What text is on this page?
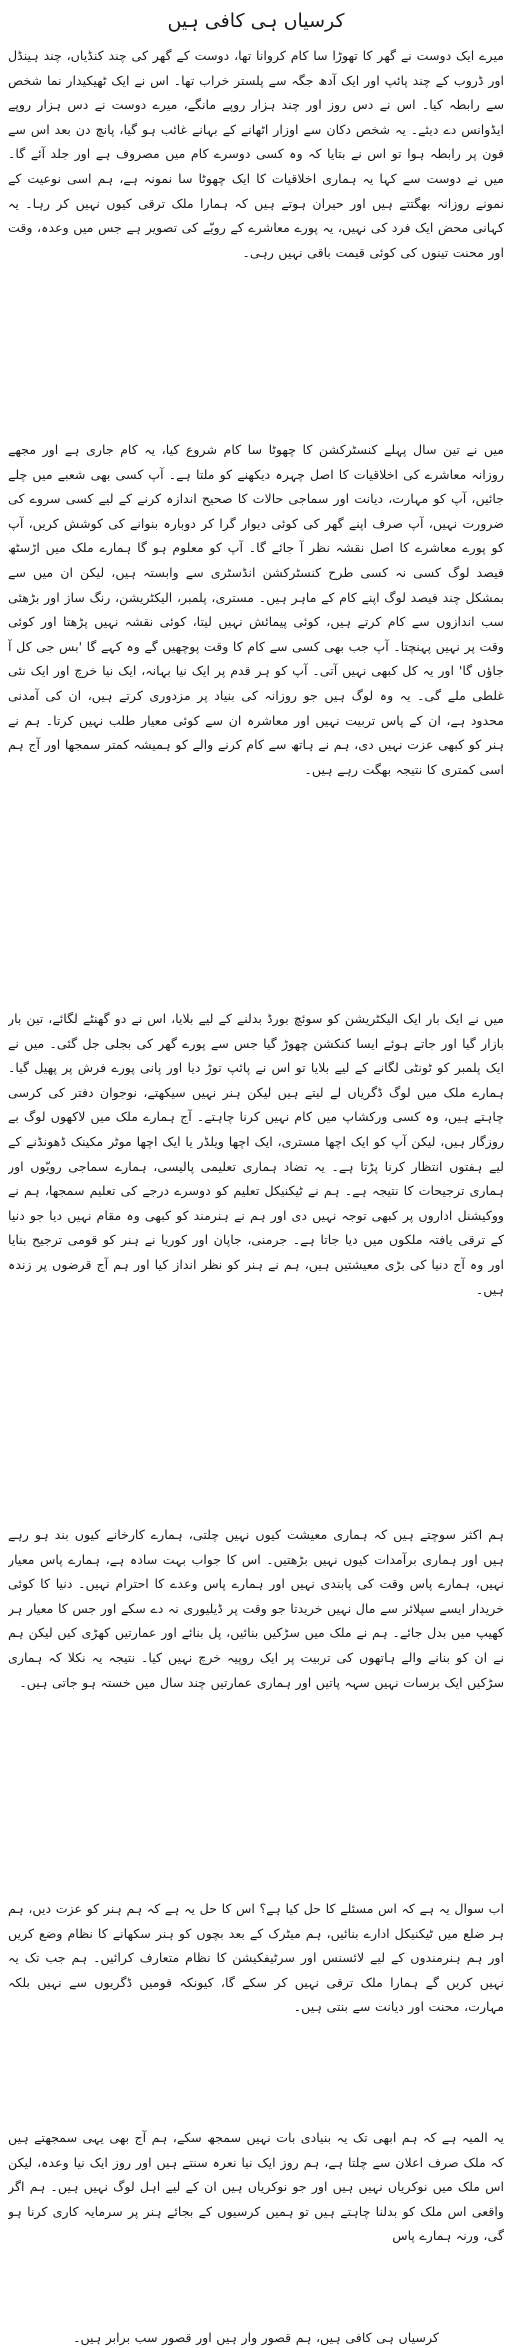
کرسیاں ہی کافی ہیں

میرے ایک دوست نے گھر کا تھوڑا سا کام کروانا تھا، دوست کے گھر کی چند کنڈیاں، چند ہینڈل اور ڈروب کے چند پائپ اور ایک آدھ جگہ سے پلستر خراب تھا۔ اس نے ایک ٹھیکیدار نما شخص سے رابطہ کیا۔ اس نے دس روز اور چند ہزار روپے مانگے، میرے دوست نے دس ہزار روپے ایڈوانس دے دیئے۔ یہ شخص دکان سے اوزار اٹھانے کے بہانے غائب ہو گیا، پانچ دن بعد اس سے فون پر رابطہ ہوا تو اس نے بتایا کہ وہ کسی دوسرے کام میں مصروف ہے اور جلد آئے گا۔ میں نے دوست سے کہا یہ ہماری اخلاقیات کا ایک چھوٹا سا نمونہ ہے، ہم اسی نوعیت کے نمونے روزانہ بھگتتے ہیں اور حیران ہوتے ہیں کہ ہمارا ملک ترقی کیوں نہیں کر رہا۔ یہ کہانی محض ایک فرد کی نہیں، یہ پورے معاشرے کے رویّے کی تصویر ہے جس میں وعدہ، وقت اور محنت تینوں کی کوئی قیمت باقی نہیں رہی۔

میں نے تین سال پہلے کنسٹرکشن کا چھوٹا سا کام شروع کیا، یہ کام جاری ہے اور مجھے روزانہ معاشرے کی اخلاقیات کا اصل چہرہ دیکھنے کو ملتا ہے۔ آپ کسی بھی شعبے میں چلے جائیں، آپ کو مہارت، دیانت اور سماجی حالات کا صحیح اندازہ کرنے کے لیے کسی سروے کی ضرورت نہیں، آپ صرف اپنے گھر کی کوئی دیوار گرا کر دوبارہ بنوانے کی کوشش کریں، آپ کو پورے معاشرے کا اصل نقشہ نظر آ جائے گا۔ آپ کو معلوم ہو گا ہمارے ملک میں اڑسٹھ فیصد لوگ کسی نہ کسی طرح کنسٹرکشن انڈسٹری سے وابستہ ہیں، لیکن ان میں سے بمشکل چند فیصد لوگ اپنے کام کے ماہر ہیں۔ مستری، پلمبر، الیکٹریشن، رنگ ساز اور بڑھئی سب اندازوں سے کام کرتے ہیں، کوئی پیمائش نہیں لیتا، کوئی نقشہ نہیں پڑھتا اور کوئی وقت پر نہیں پہنچتا۔ آپ جب بھی کسی سے کام کا وقت پوچھیں گے وہ کہے گا 'بس جی کل آ جاؤں گا' اور یہ کل کبھی نہیں آتی۔ آپ کو ہر قدم پر ایک نیا بہانہ، ایک نیا خرچ اور ایک نئی غلطی ملے گی۔ یہ وہ لوگ ہیں جو روزانہ کی بنیاد پر مزدوری کرتے ہیں، ان کی آمدنی محدود ہے، ان کے پاس تربیت نہیں اور معاشرہ ان سے کوئی معیار طلب نہیں کرتا۔ ہم نے ہنر کو کبھی عزت نہیں دی، ہم نے ہاتھ سے کام کرنے والے کو ہمیشہ کمتر سمجھا اور آج ہم اسی کمتری کا نتیجہ بھگت رہے ہیں۔

میں نے ایک بار ایک الیکٹریشن کو سوئچ بورڈ بدلنے کے لیے بلایا، اس نے دو گھنٹے لگائے، تین بار بازار گیا اور جاتے ہوئے ایسا کنکشن چھوڑ گیا جس سے پورے گھر کی بجلی جل گئی۔ میں نے ایک پلمبر کو ٹونٹی لگانے کے لیے بلایا تو اس نے پائپ توڑ دیا اور پانی پورے فرش پر پھیل گیا۔ ہمارے ملک میں لوگ ڈگریاں لے لیتے ہیں لیکن ہنر نہیں سیکھتے، نوجوان دفتر کی کرسی چاہتے ہیں، وہ کسی ورکشاپ میں کام نہیں کرنا چاہتے۔ آج ہمارے ملک میں لاکھوں لوگ بے روزگار ہیں، لیکن آپ کو ایک اچھا مستری، ایک اچھا ویلڈر یا ایک اچھا موٹر مکینک ڈھونڈنے کے لیے ہفتوں انتظار کرنا پڑتا ہے۔ یہ تضاد ہماری تعلیمی پالیسی، ہمارے سماجی رویّوں اور ہماری ترجیحات کا نتیجہ ہے۔ ہم نے ٹیکنیکل تعلیم کو دوسرے درجے کی تعلیم سمجھا، ہم نے ووکیشنل اداروں پر کبھی توجہ نہیں دی اور ہم نے ہنرمند کو کبھی وہ مقام نہیں دیا جو دنیا کے ترقی یافتہ ملکوں میں دیا جاتا ہے۔ جرمنی، جاپان اور کوریا نے ہنر کو قومی ترجیح بنایا اور وہ آج دنیا کی بڑی معیشتیں ہیں، ہم نے ہنر کو نظر انداز کیا اور ہم آج قرضوں پر زندہ ہیں۔

ہم اکثر سوچتے ہیں کہ ہماری معیشت کیوں نہیں چلتی، ہمارے کارخانے کیوں بند ہو رہے ہیں اور ہماری برآمدات کیوں نہیں بڑھتیں۔ اس کا جواب بہت سادہ ہے، ہمارے پاس معیار نہیں، ہمارے پاس وقت کی پابندی نہیں اور ہمارے پاس وعدے کا احترام نہیں۔ دنیا کا کوئی خریدار ایسے سپلائر سے مال نہیں خریدتا جو وقت پر ڈیلیوری نہ دے سکے اور جس کا معیار ہر کھیپ میں بدل جائے۔ ہم نے ملک میں سڑکیں بنائیں، پل بنائے اور عمارتیں کھڑی کیں لیکن ہم نے ان کو بنانے والے ہاتھوں کی تربیت پر ایک روپیہ خرچ نہیں کیا۔ نتیجہ یہ نکلا کہ ہماری سڑکیں ایک برسات نہیں سہہ پاتیں اور ہماری عمارتیں چند سال میں خستہ ہو جاتی ہیں۔

اب سوال یہ ہے کہ اس مسئلے کا حل کیا ہے؟ اس کا حل یہ ہے کہ ہم ہنر کو عزت دیں، ہم ہر ضلع میں ٹیکنیکل ادارے بنائیں، ہم میٹرک کے بعد بچوں کو ہنر سکھانے کا نظام وضع کریں اور ہم ہنرمندوں کے لیے لائسنس اور سرٹیفکیشن کا نظام متعارف کرائیں۔ ہم جب تک یہ نہیں کریں گے ہمارا ملک ترقی نہیں کر سکے گا، کیونکہ قومیں ڈگریوں سے نہیں بلکہ مہارت، محنت اور دیانت سے بنتی ہیں۔

یہ المیہ ہے کہ ہم ابھی تک یہ بنیادی بات نہیں سمجھ سکے، ہم آج بھی یہی سمجھتے ہیں کہ ملک صرف اعلان سے چلتا ہے، ہم روز ایک نیا نعرہ سنتے ہیں اور روز ایک نیا وعدہ، لیکن اس ملک میں نوکریاں نہیں ہیں اور جو نوکریاں ہیں ان کے لیے اہل لوگ نہیں ہیں۔ ہم اگر واقعی اس ملک کو بدلنا چاہتے ہیں تو ہمیں کرسیوں کے بجائے ہنر پر سرمایہ کاری کرنا ہو گی، ورنہ ہمارے پاس

کرسیاں ہی کافی ہیں، ہم قصور وار ہیں اور قصور سب برابر ہیں۔
